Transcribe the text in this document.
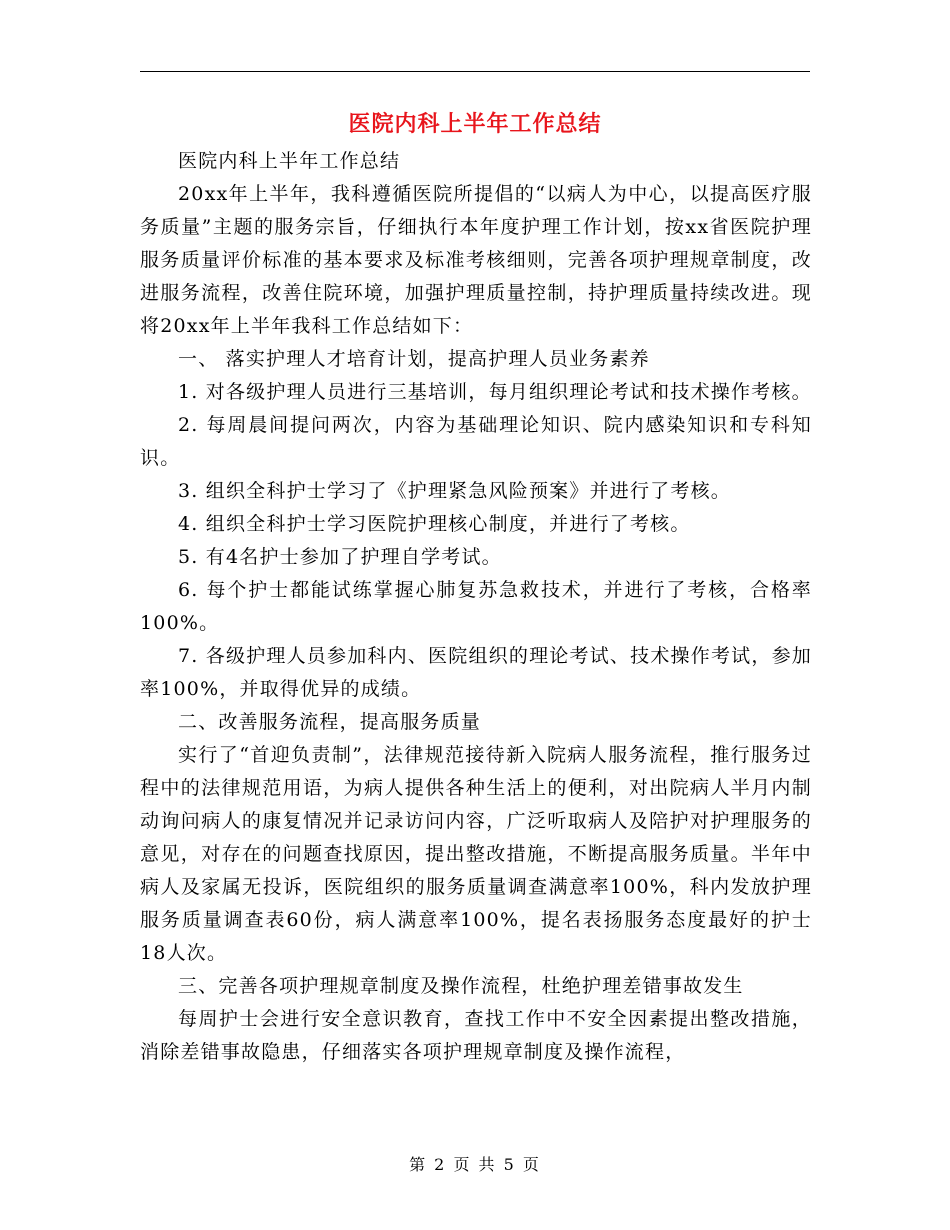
医院内科上半年工作总结

医院内科上半年工作总结

20xx年上半年，我科遵循医院所提倡的“以病人为中心，以提高医疗服务质量”主题的服务宗旨，仔细执行本年度护理工作计划，按xx省医院护理服务质量评价标准的基本要求及标准考核细则，完善各项护理规章制度，改进服务流程，改善住院环境，加强护理质量控制，持护理质量持续改进。现将20xx年上半年我科工作总结如下：

一、 落实护理人才培育计划，提高护理人员业务素养

1. 对各级护理人员进行三基培训，每月组织理论考试和技术操作考核。

2. 每周晨间提问两次，内容为基础理论知识、院内感染知识和专科知识。

3. 组织全科护士学习了《护理紧急风险预案》并进行了考核。

4. 组织全科护士学习医院护理核心制度，并进行了考核。

5. 有4名护士参加了护理自学考试。

6. 每个护士都能试练掌握心肺复苏急救技术，并进行了考核，合格率100%。

7. 各级护理人员参加科内、医院组织的理论考试、技术操作考试，参加率100%，并取得优异的成绩。

二、改善服务流程，提高服务质量

实行了“首迎负责制”，法律规范接待新入院病人服务流程，推行服务过程中的法律规范用语，为病人提供各种生活上的便利，对出院病人半月内制动询问病人的康复情况并记录访问内容，广泛听取病人及陪护对护理服务的意见，对存在的问题查找原因，提出整改措施，不断提高服务质量。半年中病人及家属无投诉，医院组织的服务质量调查满意率100%，科内发放护理服务质量调查表60份，病人满意率100%，提名表扬服务态度最好的护士18人次。

三、完善各项护理规章制度及操作流程，杜绝护理差错事故发生

每周护士会进行安全意识教育，查找工作中不安全因素提出整改措施，消除差错事故隐患，仔细落实各项护理规章制度及操作流程，

第 2 页 共 5 页
